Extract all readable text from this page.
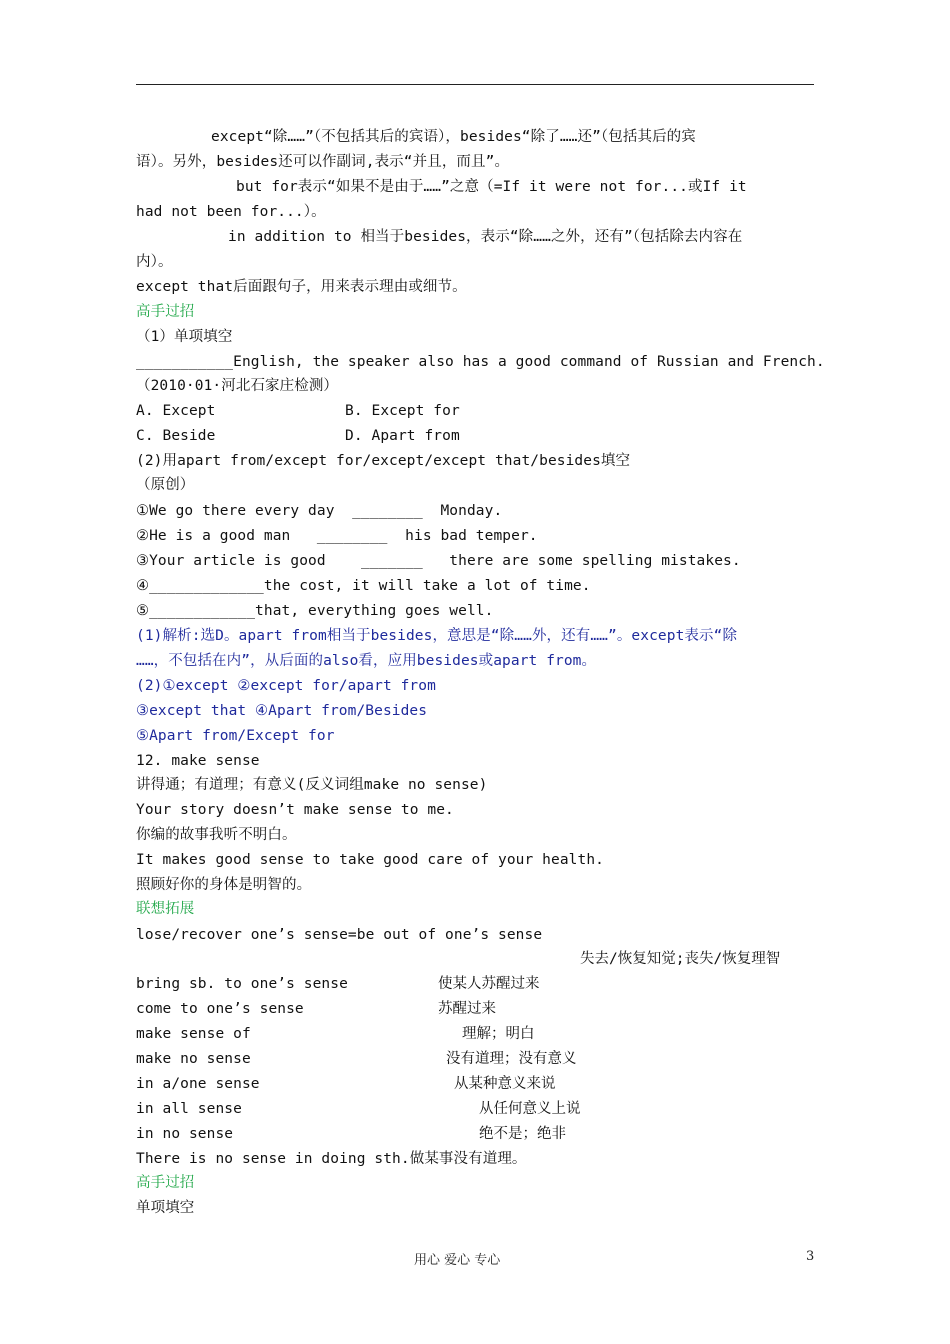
except“除……”（不包括其后的宾语），besides“除了……还”（包括其后的宾
语）。另外，besides还可以作副词,表示“并且，而且”。
but for表示“如果不是由于……”之意（=If it were not for...或If it
had not been for...）。
in addition to 相当于besides，表示“除……之外，还有”（包括除去内容在
内）。
except that后面跟句子，用来表示理由或细节。
高手过招
（1）单项填空
___________English, the speaker also has a good command of Russian and French.
（2010·01·河北石家庄检测）
A. Except	B. Except for
C. Beside	D. Apart from
(2)用apart from/except for/except/except that/besides填空
（原创）
①We go there every day  ________  Monday.
②He is a good man   ________  his bad temper.
③Your article is good    _______   there are some spelling mistakes.
④_____________the cost, it will take a lot of time.
⑤____________that, everything goes well.
(1)解析:选D。apart from相当于besides，意思是“除……外，还有……”。except表示“除
……，不包括在内”，从后面的also看，应用besides或apart from。
(2)①except ②except for/apart from
③except that ④Apart from/Besides
⑤Apart from/Except for
12. make sense
讲得通；有道理；有意义(反义词组make no sense)
Your story doesn’t make sense to me.
你编的故事我听不明白。
It makes good sense to take good care of your health.
照顾好你的身体是明智的。
联想拓展
lose/recover one’s sense=be out of one’s sense
失去/恢复知觉;丧失/恢复理智
bring sb. to one’s sense	使某人苏醒过来
come to one’s sense	苏醒过来
make sense of	理解；明白
make no sense	没有道理；没有意义
in a/one sense	从某种意义来说
in all sense	从任何意义上说
in no sense	绝不是；绝非
There is no sense in doing sth.做某事没有道理。
高手过招
单项填空
用心 爱心 专心	3
